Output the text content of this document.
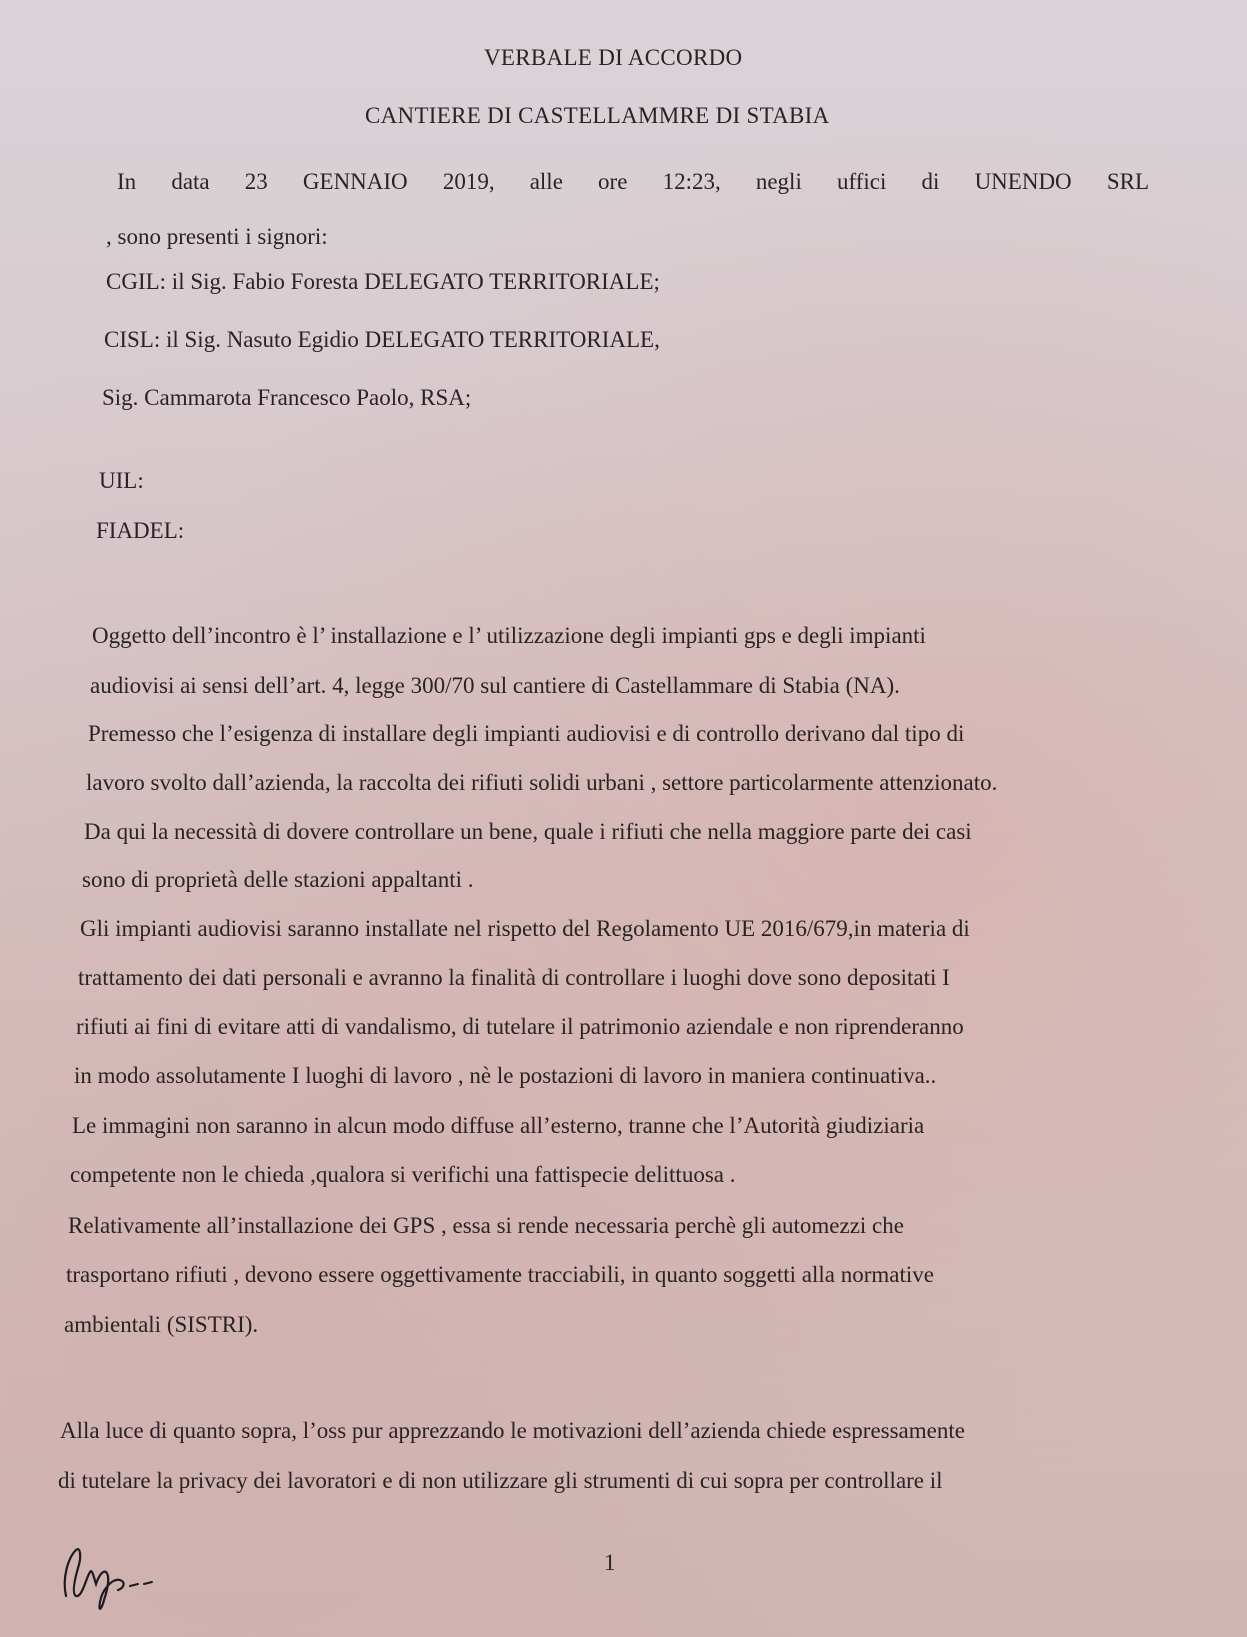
VERBALE DI ACCORDO
CANTIERE DI CASTELLAMMRE DI STABIA
In data 23 GENNAIO 2019, alle ore 12:23, negli uffici di UNENDO SRL
, sono presenti i signori:
CGIL: il Sig. Fabio Foresta DELEGATO TERRITORIALE;
CISL: il Sig. Nasuto Egidio DELEGATO TERRITORIALE,
Sig. Cammarota Francesco Paolo, RSA;
UIL:
FIADEL:
Oggetto dell’incontro è l’ installazione e l’ utilizzazione degli impianti gps e degli impianti
audiovisi ai sensi dell’art. 4, legge 300/70 sul cantiere di Castellammare di Stabia (NA).
Premesso che l’esigenza di installare degli impianti audiovisi e di controllo derivano dal tipo di
lavoro svolto dall’azienda, la raccolta dei rifiuti solidi urbani , settore particolarmente attenzionato.
Da qui la necessità di dovere controllare un bene, quale i rifiuti che nella maggiore parte dei casi
sono di proprietà delle stazioni appaltanti .
Gli impianti audiovisi saranno installate nel rispetto del Regolamento UE 2016/679,in materia di
trattamento dei dati personali e avranno la finalità di controllare i luoghi dove sono depositati I
rifiuti ai fini di evitare atti di vandalismo, di tutelare il patrimonio aziendale e non riprenderanno
in modo assolutamente I luoghi di lavoro , nè le postazioni di lavoro in maniera continuativa..
Le immagini non saranno in alcun modo diffuse all’esterno, tranne che l’Autorità giudiziaria
competente non le chieda ,qualora si verifichi una fattispecie delittuosa .
Relativamente all’installazione dei GPS , essa si rende necessaria perchè gli automezzi che
trasportano rifiuti , devono essere oggettivamente tracciabili, in quanto soggetti alla normative
ambientali (SISTRI).
Alla luce di quanto sopra, l’oss pur apprezzando le motivazioni dell’azienda chiede espressamente
di tutelare la privacy dei lavoratori e di non utilizzare gli strumenti di cui sopra per controllare il
1
